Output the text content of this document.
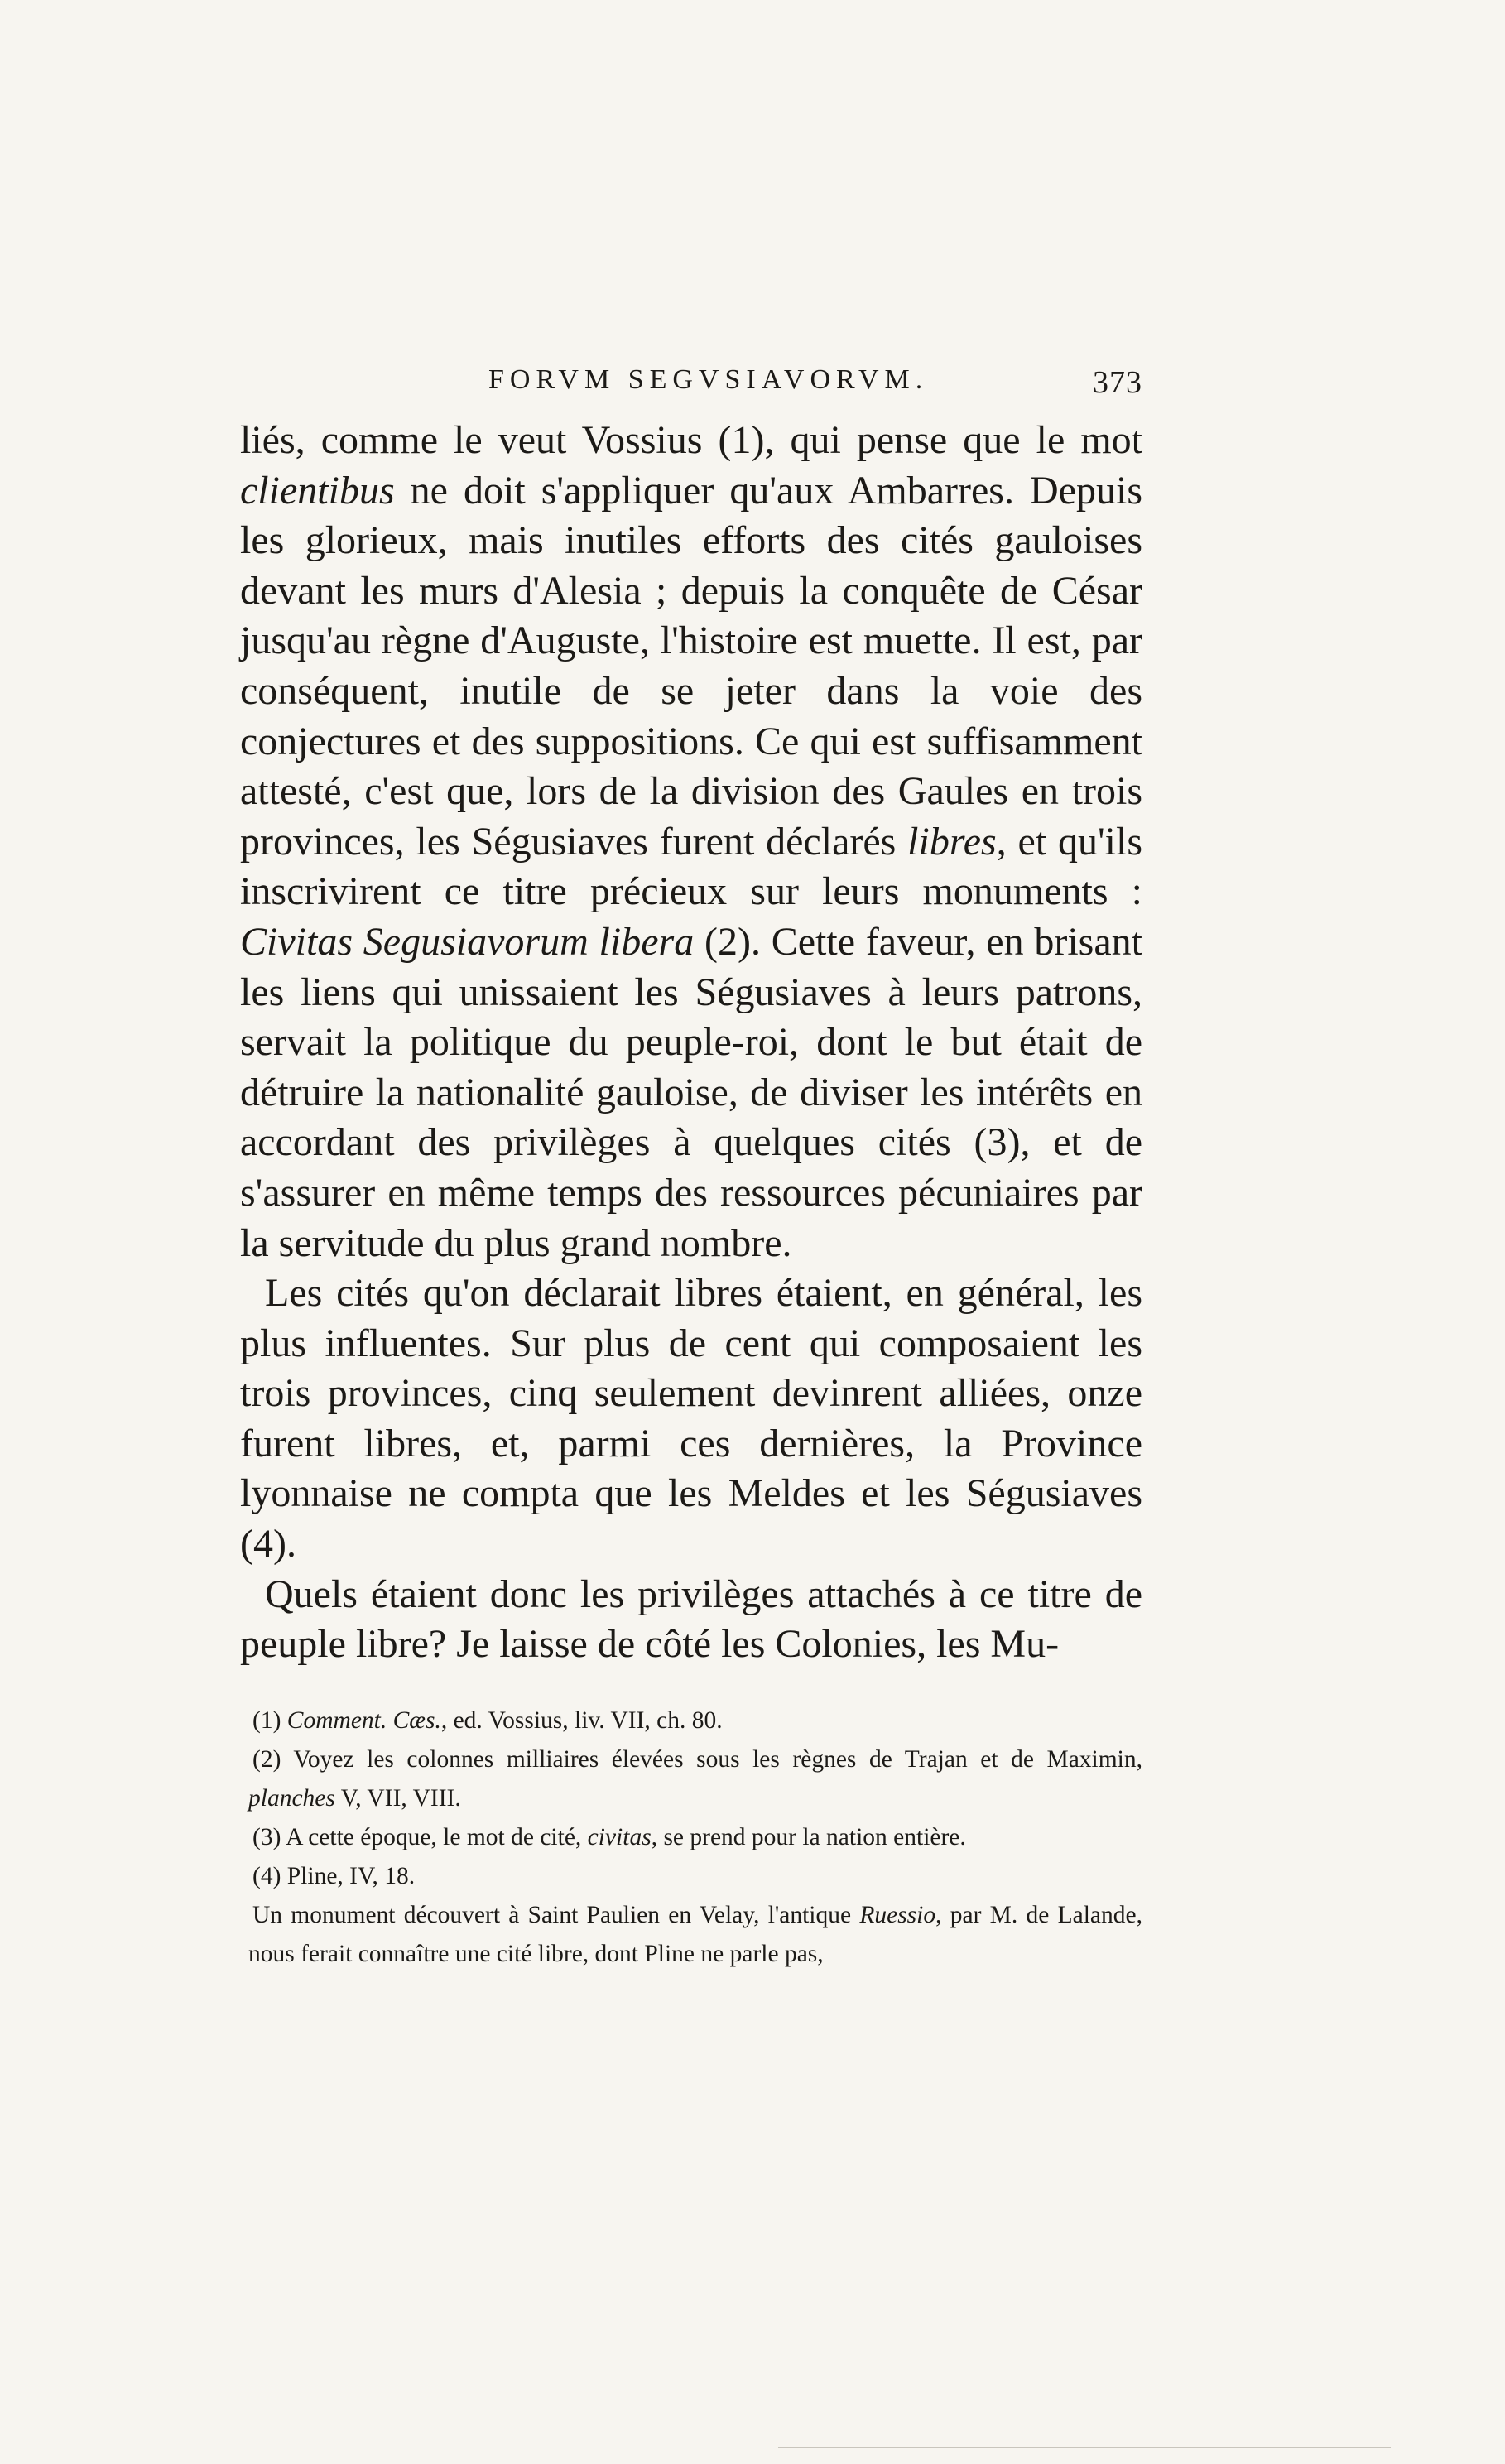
FORVM SEGVSIAVORVM.	373

liés, comme le veut Vossius (1), qui pense que le mot clientibus ne doit s'appliquer qu'aux Ambarres. Depuis les glorieux, mais inutiles efforts des cités gauloises devant les murs d'Alesia ; depuis la conquête de César jusqu'au règne d'Auguste, l'histoire est muette. Il est, par conséquent, inutile de se jeter dans la voie des conjectures et des suppositions. Ce qui est suffisamment attesté, c'est que, lors de la division des Gaules en trois provinces, les Ségusiaves furent déclarés libres, et qu'ils inscrivirent ce titre précieux sur leurs monuments : Civitas Segusiavorum libera (2). Cette faveur, en brisant les liens qui unissaient les Ségusiaves à leurs patrons, servait la politique du peuple-roi, dont le but était de détruire la nationalité gauloise, de diviser les intérêts en accordant des privilèges à quelques cités (3), et de s'assurer en même temps des ressources pécuniaires par la servitude du plus grand nombre.

Les cités qu'on déclarait libres étaient, en général, les plus influentes. Sur plus de cent qui composaient les trois provinces, cinq seulement devinrent alliées, onze furent libres, et, parmi ces dernières, la Province lyonnaise ne compta que les Meldes et les Ségusiaves (4).

Quels étaient donc les privilèges attachés à ce titre de peuple libre? Je laisse de côté les Colonies, les Mu-

(1) Comment. Cæs., ed. Vossius, liv. VII, ch. 80.

(2) Voyez les colonnes milliaires élevées sous les règnes de Trajan et de Maximin, planches V, VII, VIII.

(3) A cette époque, le mot de cité, civitas, se prend pour la nation entière.

(4) Pline, IV, 18.

Un monument découvert à Saint Paulien en Velay, l'antique Ruessio, par M. de Lalande, nous ferait connaître une cité libre, dont Pline ne parle pas,
